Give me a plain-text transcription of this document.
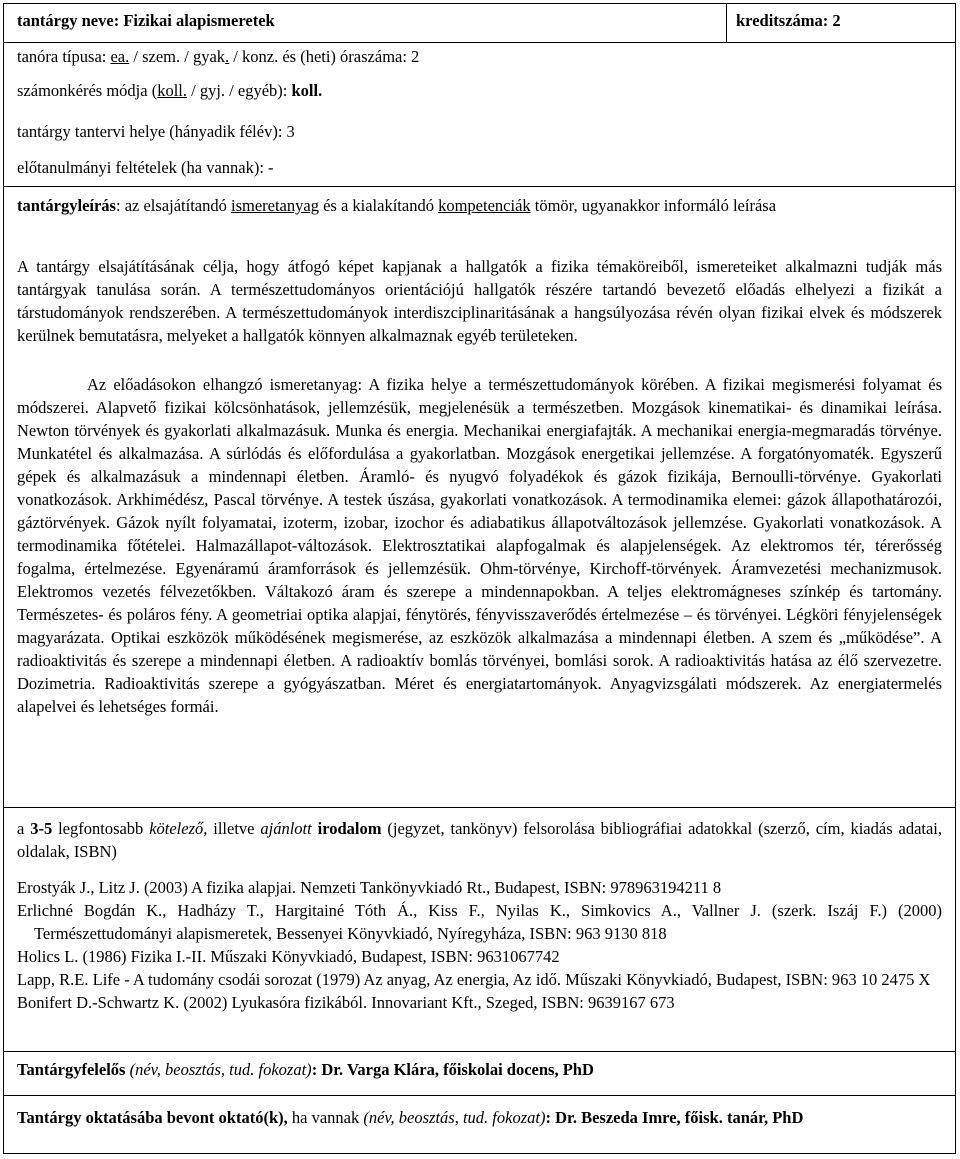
tantárgy neve: Fizikai alapismeretek	kreditszáma: 2
tanóra típusa: ea. / szem. / gyak. / konz. és (heti) óraszáma: 2
számonkérés módja (koll. / gyj. / egyéb): koll.
tantárgy tantervi helye (hányadik félév): 3
előtanulmányi feltételek (ha vannak): -
tantárgyleírás: az elsajátítandó ismeretanyag és a kialakítandó kompetenciák tömör, ugyanakkor informáló leírása
A tantárgy elsajátításának célja, hogy átfogó képet kapjanak a hallgatók a fizika témaköreiből, ismereteiket alkalmazni tudják más tantárgyak tanulása során. A természettudományos orientációjú hallgatók részére tartandó bevezető előadás elhelyezi a fizikát a társtudományok rendszerében. A természettudományok interdiszciplinaritásának a hangsúlyozása révén olyan fizikai elvek és módszerek kerülnek bemutatásra, melyeket a hallgatók könnyen alkalmaznak egyéb területeken.
Az előadásokon elhangzó ismeretanyag: A fizika helye a természettudományok körében. A fizikai megismerési folyamat és módszerei. Alapvető fizikai kölcsönhatások, jellemzésük, megjelenésük a természetben. Mozgások kinematikai- és dinamikai leírása. Newton törvények és gyakorlati alkalmazásuk. Munka és energia. Mechanikai energiafajták. A mechanikai energia-megmaradás törvénye. Munkatétel és alkalmazása. A súrlódás és előfordulása a gyakorlatban. Mozgások energetikai jellemzése. A forgatónyomaték. Egyszerű gépek és alkalmazásuk a mindennapi életben. Áramló- és nyugvó folyadékok és gázok fizikája, Bernoulli-törvénye. Gyakorlati vonatkozások. Arkhimédész, Pascal törvénye. A testek úszása, gyakorlati vonatkozások. A termodinamika elemei: gázok állapothatározói, gáztörvények. Gázok nyílt folyamatai, izoterm, izobar, izochor és adiabatikus állapotváltozások jellemzése. Gyakorlati vonatkozások. A termodinamika főtételei. Halmazállapot-változások. Elektrosztatikai alapfogalmak és alapjelenségek. Az elektromos tér, térerősség fogalma, értelmezése. Egyenáramú áramforrások és jellemzésük. Ohm-törvénye, Kirchoff-törvények. Áramvezetési mechanizmusok. Elektromos vezetés félvezetőkben. Váltakozó áram és szerepe a mindennapokban. A teljes elektromágneses színkép és tartomány. Természetes- és poláros fény. A geometriai optika alapjai, fénytörés, fényvisszaverődés értelmezése – és törvényei. Légköri fényjelenségek magyarázata. Optikai eszközök működésének megismerése, az eszközök alkalmazása a mindennapi életben. A szem és „működése”. A radioaktivitás és szerepe a mindennapi életben. A radioaktív bomlás törvényei, bomlási sorok. A radioaktivitás hatása az élő szervezetre. Dozimetria. Radioaktivitás szerepe a gyógyászatban. Méret és energiatartományok. Anyagvizsgálati módszerek. Az energiatermelés alapelvei és lehetséges formái.
a 3-5 legfontosabb kötelező, illetve ajánlott irodalom (jegyzet, tankönyv) felsorolása bibliográfiai adatokkal (szerző, cím, kiadás adatai, oldalak, ISBN)
Erostyák J., Litz J. (2003) A fizika alapjai. Nemzeti Tankönyvkiadó Rt., Budapest, ISBN: 978963194211 8
Erlichné Bogdán K., Hadházy T., Hargitainé Tóth Á., Kiss F., Nyilas K., Simkovics A., Vallner J. (szerk. Iszáj F.) (2000) Természettudományi alapismeretek, Bessenyei Könyvkiadó, Nyíregyháza, ISBN: 963 9130 818
Holics L. (1986) Fizika I.-II. Műszaki Könyvkiadó, Budapest, ISBN: 9631067742
Lapp, R.E. Life - A tudomány csodái sorozat (1979) Az anyag, Az energia, Az idő. Műszaki Könyvkiadó, Budapest, ISBN: 963 10 2475 X
Bonifert D.-Schwartz K. (2002) Lyukasóra fizikából. Innovariant Kft., Szeged, ISBN: 9639167 673
Tantárgyfelelős (név, beosztás, tud. fokozat): Dr. Varga Klára, főiskolai docens, PhD
Tantárgy oktatásába bevont oktató(k), ha vannak (név, beosztás, tud. fokozat): Dr. Beszeda Imre, főisk. tanár, PhD
